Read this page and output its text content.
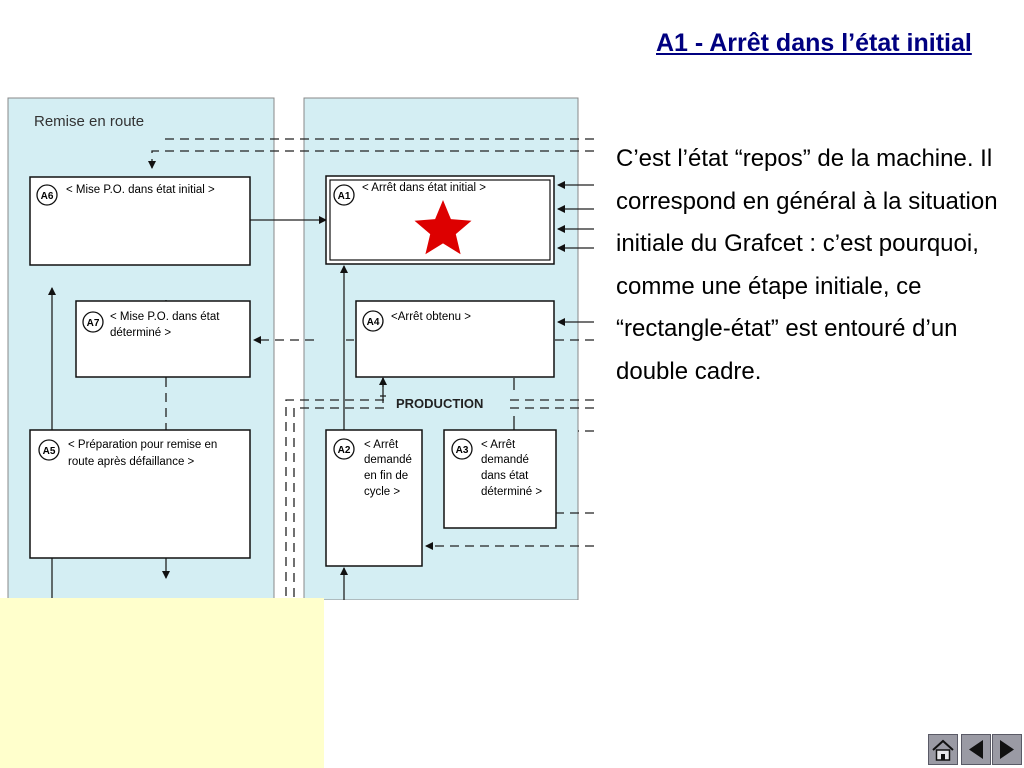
A1 - Arrêt dans l’état initial
Remise en route
A6
< Mise P.O. dans état initial >
A1
< Arrêt dans état initial >
A7
< Mise P.O. dans état
déterminé >
A4 <Arrêt obtenu >
PRODUCTION
A5
< Préparation pour remise en
route après défaillance >
A2 < Arrêt
demandé
en fin de
cycle >
A3 < Arrêt
demandé
dans état
déterminé >

C’est l’état “repos” de la machine. Il correspond en général à la situation initiale du Grafcet : c’est pourquoi, comme une étape initiale, ce “rectangle-état” est entouré d’un double cadre.
